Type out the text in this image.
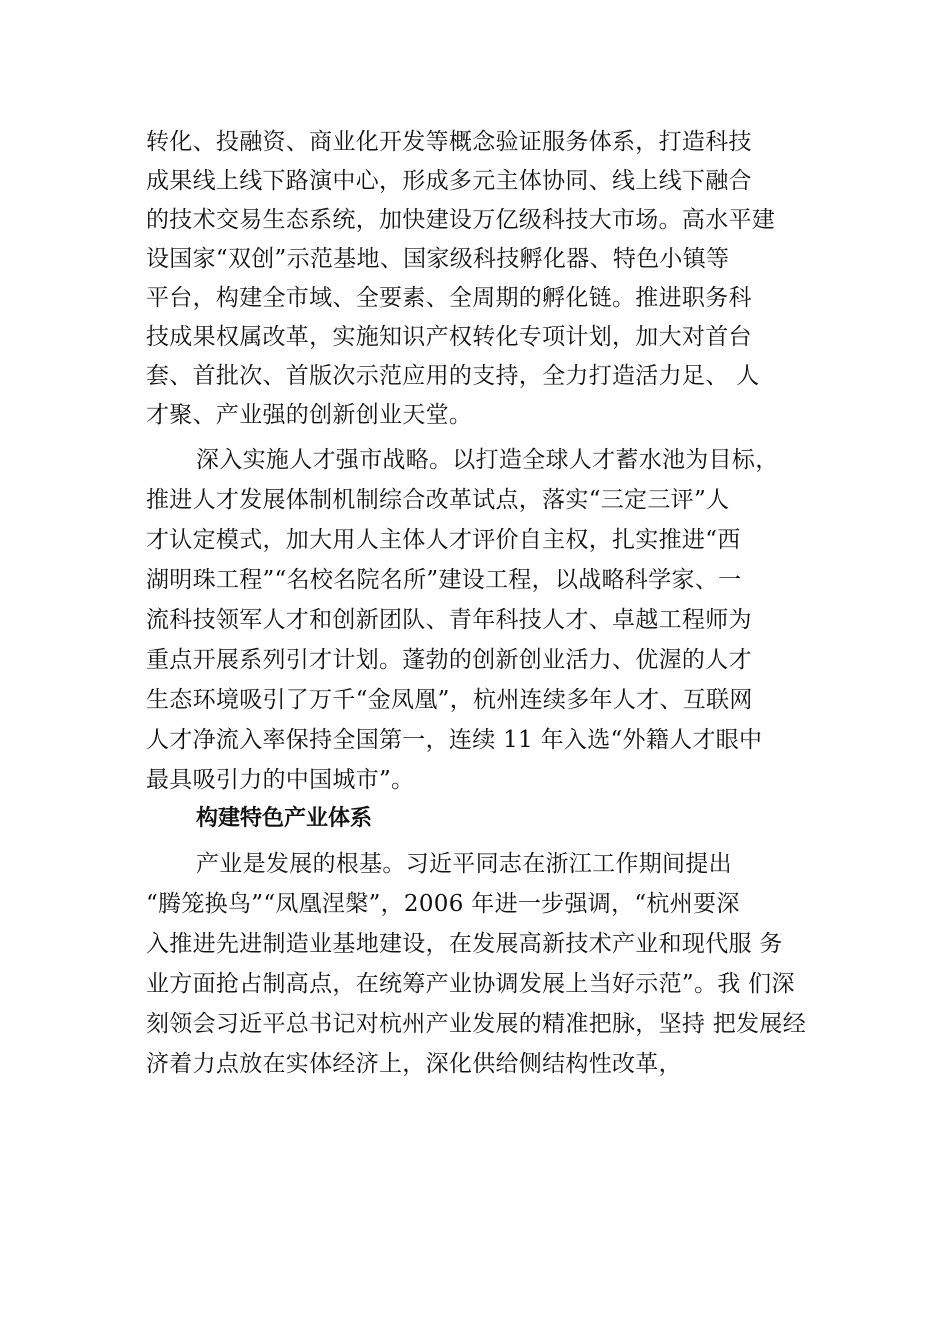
转化、投融资、商业化开发等概念验证服务体系，打造科技
成果线上线下路演中心，形成多元主体协同、线上线下融合
的技术交易生态系统，加快建设万亿级科技大市场。高水平建
设国家“双创”示范基地、国家级科技孵化器、特色小镇等
平台，构建全市域、全要素、全周期的孵化链。推进职务科
技成果权属改革，实施知识产权转化专项计划，加大对首台
套、首批次、首版次示范应用的支持，全力打造活力足、 人
才聚、产业强的创新创业天堂。
深入实施人才强市战略。以打造全球人才蓄水池为目标，
推进人才发展体制机制综合改革试点，落实“三定三评”人
才认定模式，加大用人主体人才评价自主权，扎实推进“西
湖明珠工程”“名校名院名所”建设工程，以战略科学家、一
流科技领军人才和创新团队、青年科技人才、卓越工程师为
重点开展系列引才计划。蓬勃的创新创业活力、优渥的人才
生态环境吸引了万千“金凤凰”，杭州连续多年人才、互联网
人才净流入率保持全国第一，连续 11 年入选“外籍人才眼中
最具吸引力的中国城市”。
构建特色产业体系
产业是发展的根基。习近平同志在浙江工作期间提出
“腾笼换鸟”“凤凰涅槃”，2006 年进一步强调，“杭州要深
入推进先进制造业基地建设，在发展高新技术产业和现代服 务
业方面抢占制高点，在统筹产业协调发展上当好示范”。我 们深
刻领会习近平总书记对杭州产业发展的精准把脉，坚持 把发展经
济着力点放在实体经济上，深化供给侧结构性改革，
